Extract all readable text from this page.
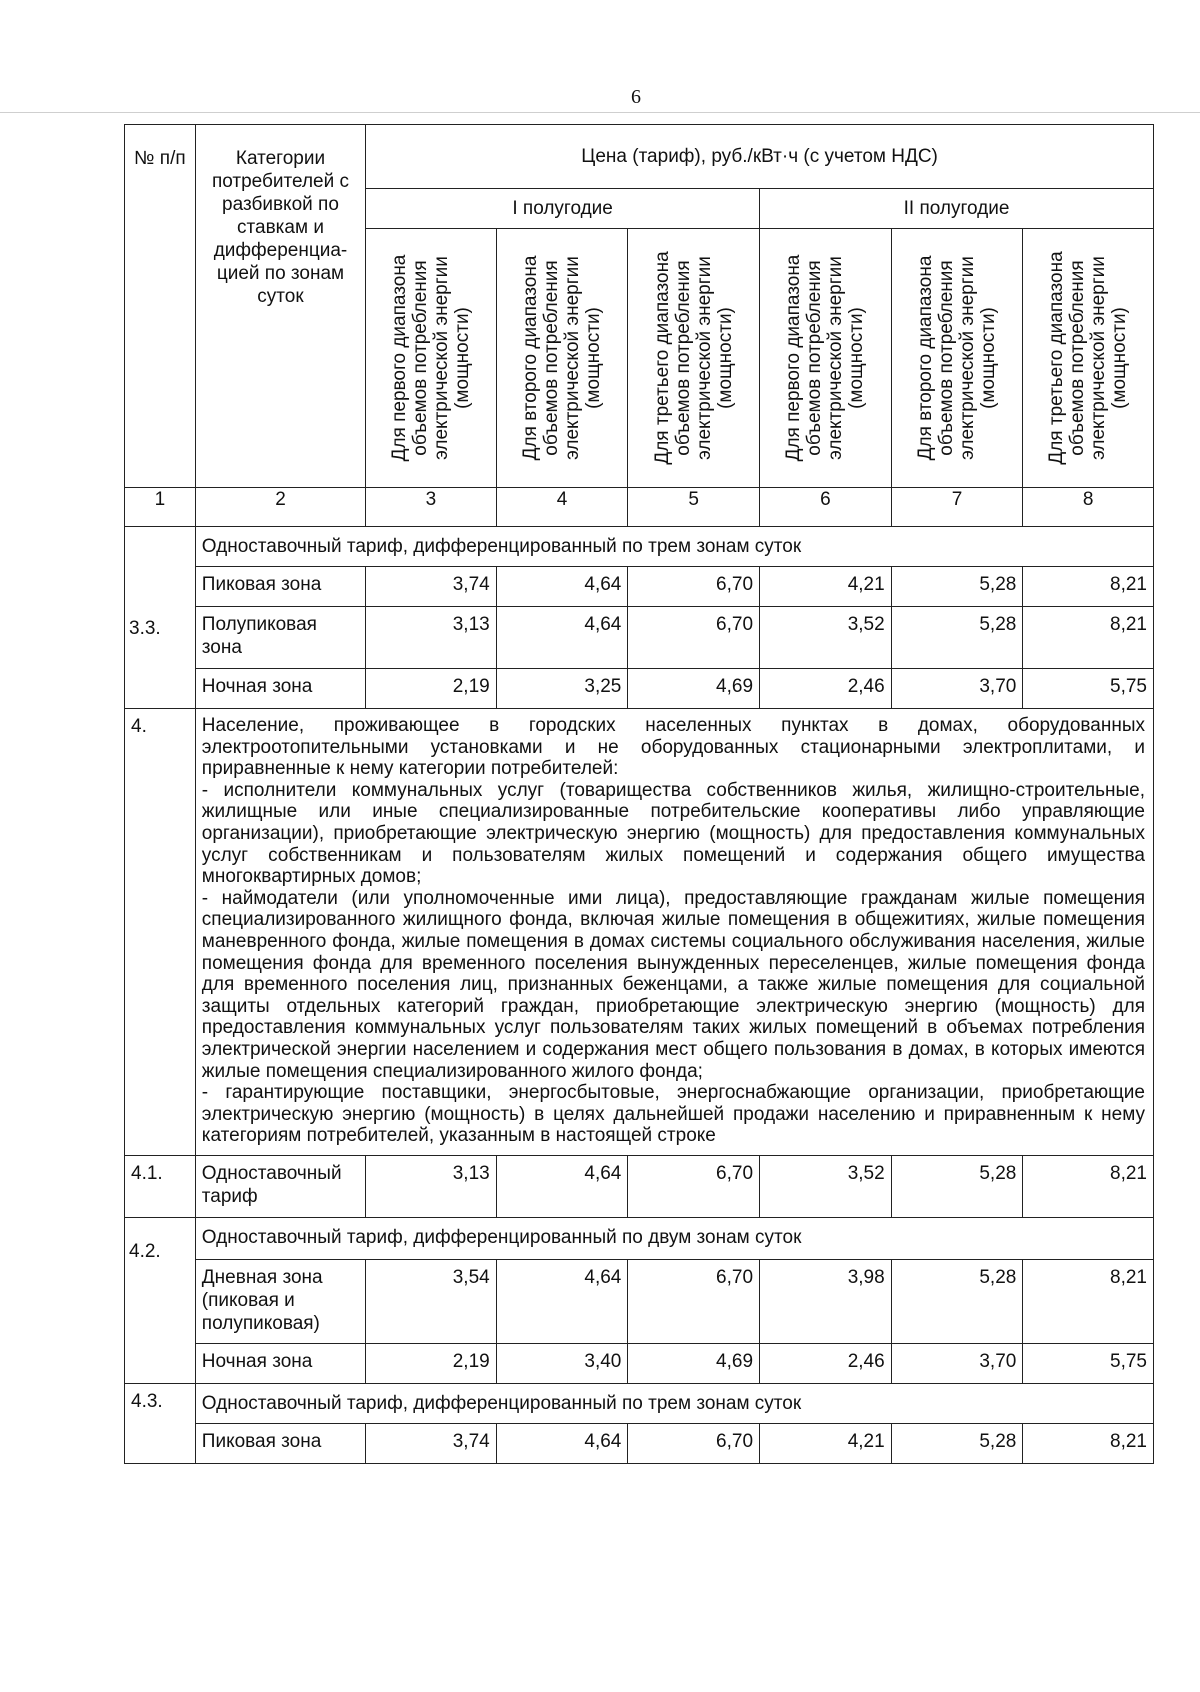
6
№ п/п	Категории потребителей с разбивкой по ставкам и дифференциа-цией по зонам суток	Цена (тариф), руб./кВт·ч (с учетом НДС)					
		I полугодие			II полугодие		

		Для первого диапазона объемов потребления электрической энергии (мощности)	Для второго диапазона объемов потребления электрической энергии (мощности)	Для третьего диапазона объемов потребления электрической энергии (мощности)	Для первого диапазона объемов потребления электрической энергии (мощности)	Для второго диапазона объемов потребления электрической энергии (мощности)	Для третьего диапазона объемов потребления электрической энергии (мощности)

1	2	3	4	5	6	7	8
3.3.	Одноставочный тариф, дифференцированный по трем зонам суток						
	Пиковая зона	3,74	4,64	6,70	4,21	5,28	8,21
	Полупиковая зона	3,13	4,64	6,70	3,52	5,28	8,21
	Ночная зона	2,19	3,25	4,69	2,46	3,70	5,75
4.	Население, проживающее в городских населенных пунктах в домах, оборудованных электроотопительными установками и не оборудованных стационарными электроплитами, и приравненные к нему категории потребителей:
- исполнители коммунальных услуг (товарищества собственников жилья, жилищно-строительные, жилищные или иные специализированные потребительские кооперативы либо управляющие организации), приобретающие электрическую энергию (мощность) для предоставления коммунальных услуг собственникам и пользователям жилых помещений и содержания общего имущества многоквартирных домов;
- наймодатели (или уполномоченные ими лица), предоставляющие гражданам жилые помещения специализированного жилищного фонда, включая жилые помещения в общежитиях, жилые помещения маневренного фонда, жилые помещения в домах системы социального обслуживания населения, жилые помещения фонда для временного поселения вынужденных переселенцев, жилые помещения фонда для временного поселения лиц, признанных беженцами, а также жилые помещения для социальной защиты отдельных категорий граждан, приобретающие электрическую энергию (мощность) для предоставления коммунальных услуг пользователям таких жилых помещений в объемах потребления электрической энергии населением и содержания мест общего пользования в домах, в которых имеются жилые помещения специализированного жилого фонда;
- гарантирующие поставщики, энергосбытовые, энергоснабжающие организации, приобретающие электрическую энергию (мощность) в целях дальнейшей продажи населению и приравненным к нему категориям потребителей, указанным в настоящей строке						

4.1.	Одноставочный тариф	3,13	4,64	6,70	3,52	5,28	8,21
4.2.	Одноставочный тариф, дифференцированный по двум зонам суток						
	Дневная зона (пиковая и полупиковая)	3,54	4,64	6,70	3,98	5,28	8,21
	Ночная зона	2,19	3,40	4,69	2,46	3,70	5,75
4.3.	Одноставочный тариф, дифференцированный по трем зонам суток						
	Пиковая зона	3,74	4,64	6,70	4,21	5,28	8,21
